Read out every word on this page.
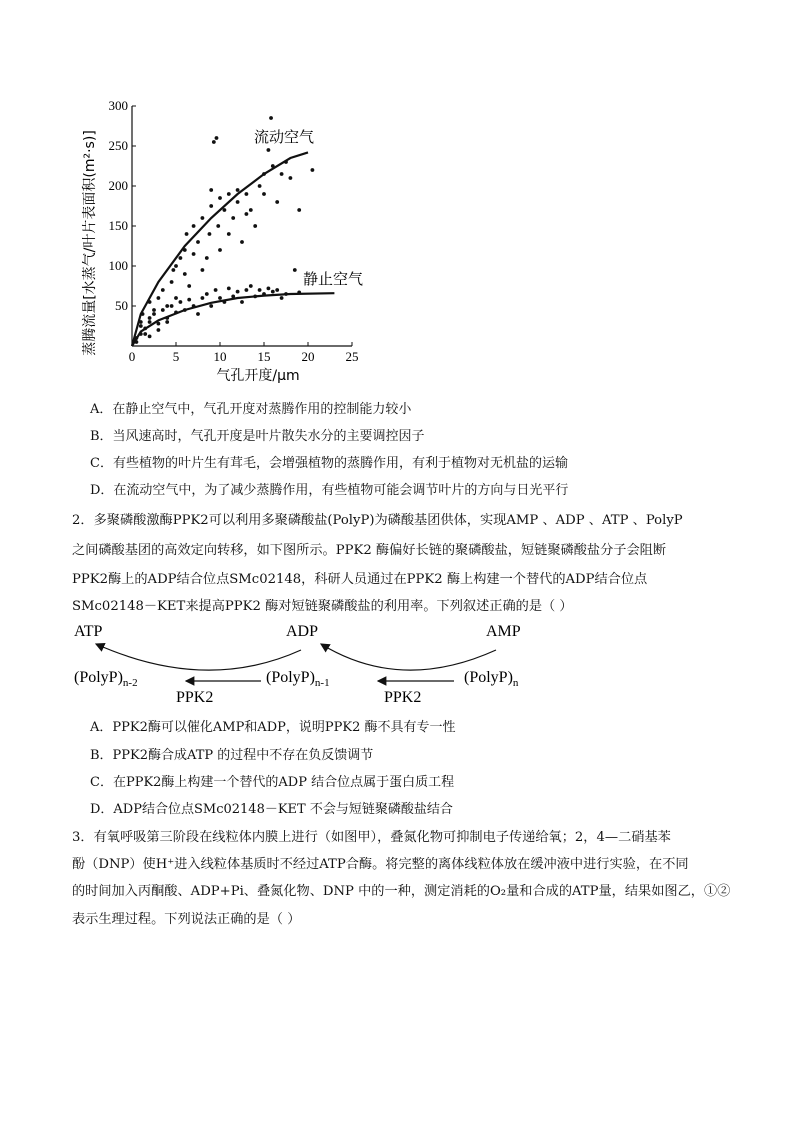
0	5	10 15 20 25
50
100
150
200
250
300
蒸腾流量[水蒸气/叶片表面积(m²·s)]
气孔开度/μm
流动空气
静止空气
A．在静止空气中，气孔开度对蒸腾作用的控制能力较小
B．当风速高时，气孔开度是叶片散失水分的主要调控因子
C．有些植物的叶片生有茸毛，会增强植物的蒸腾作用，有利于植物对无机盐的运输
D．在流动空气中，为了减少蒸腾作用，有些植物可能会调节叶片的方向与日光平行
2．多聚磷酸激酶PPK2可以利用多聚磷酸盐(PolyP)为磷酸基团供体，实现AMP 、ADP 、ATP 、PolyP
之间磷酸基团的高效定向转移，如下图所示。PPK2 酶偏好长链的聚磷酸盐，短链聚磷酸盐分子会阻断
PPK2酶上的ADP结合位点SMc02148，科研人员通过在PPK2 酶上构建一个替代的ADP结合位点
SMc02148－KET来提高PPK2 酶对短链聚磷酸盐的利用率。下列叙述正确的是（ ）
ATP	ADP	AMP
$(PolyP)_{n-2}$	$(PolyP)_{n-1}$	$(PolyP)_n$
PPK2	PPK2
A．PPK2酶可以催化AMP和ADP，说明PPK2 酶不具有专一性
B．PPK2酶合成ATP 的过程中不存在负反馈调节
C．在PPK2酶上构建一个替代的ADP 结合位点属于蛋白质工程
D．ADP结合位点SMc02148－KET 不会与短链聚磷酸盐结合
3．有氧呼吸第三阶段在线粒体内膜上进行（如图甲），叠氮化物可抑制电子传递给氧；2，4—二硝基苯
酚（DNP）使H⁺进入线粒体基质时不经过ATP合酶。将完整的离体线粒体放在缓冲液中进行实验，在不同
的时间加入丙酮酸、ADP+Pi、叠氮化物、DNP 中的一种，测定消耗的O₂量和合成的ATP量，结果如图乙，①②
表示生理过程。下列说法正确的是（ ）
